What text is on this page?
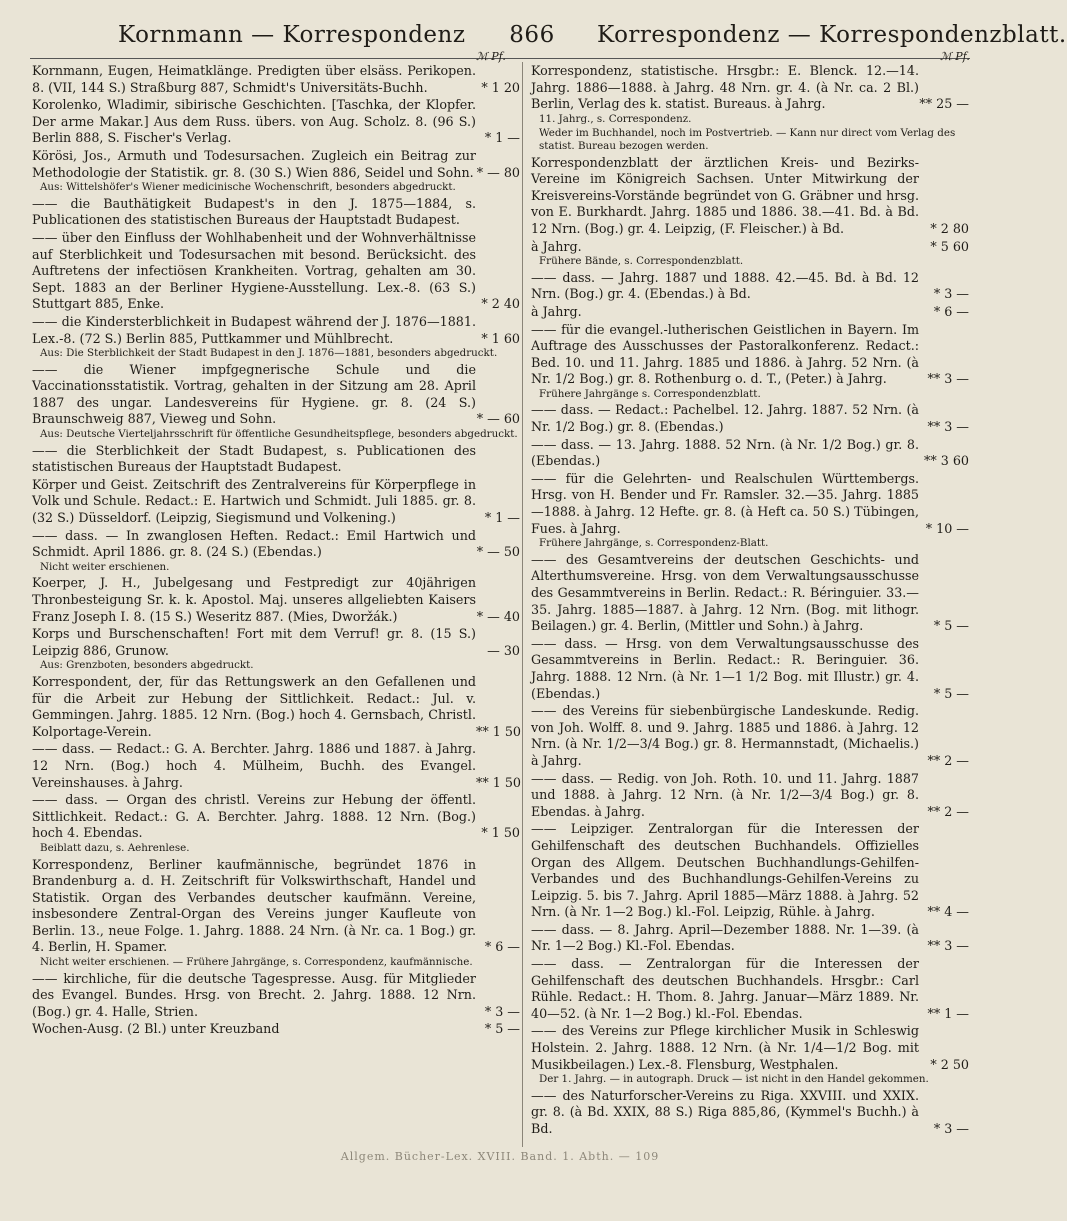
Kornmann — Korrespondenz	866	Korrespondenz — Korrespondenzblatt.
ℳ Pf.	ℳ Pf.
Kornmann, Eugen, Heimatklänge. Predigten über elsäss. Perikopen. 8. (VII, 144 S.) Straßburg 887, Schmidt's Universitäts-Buchh.	* 1 20
Korolenko, Wladimir, sibirische Geschichten. [Taschka, der Klopfer. Der arme Makar.] Aus dem Russ. übers. von Aug. Scholz. 8. (96 S.) Berlin 888, S. Fischer's Verlag.	* 1 —
Körösi, Jos., Armuth und Todesursachen. Zugleich ein Beitrag zur Methodologie der Statistik. gr. 8. (30 S.) Wien 886, Seidel und Sohn. * — 80
Aus: Wittelshöfer's Wiener medicinische Wochenschrift, besonders abgedruckt.
—— die Bauthätigkeit Budapest's in den J. 1875—1884, s. Publicationen des statistischen Bureaus der Hauptstadt Budapest.
—— über den Einfluss der Wohlhabenheit und der Wohnverhältnisse auf Sterblichkeit und Todesursachen mit besond. Berücksicht. des Auftretens der infectiösen Krankheiten. Vortrag, gehalten am 30. Sept. 1883 an der Berliner Hygiene-Ausstellung. Lex.-8. (63 S.) Stuttgart 885, Enke.	* 2 40
—— die Kindersterblichkeit in Budapest während der J. 1876—1881. Lex.-8. (72 S.) Berlin 885, Puttkammer und Mühlbrecht.	* 1 60
Aus: Die Sterblichkeit der Stadt Budapest in den J. 1876—1881, besonders abgedruckt.
—— die Wiener impfgegnerische Schule und die Vaccinationsstatistik. Vortrag, gehalten in der Sitzung am 28. April 1887 des ungar. Landesvereins für Hygiene. gr. 8. (24 S.) Braunschweig 887, Vieweg und Sohn.	* — 60
Aus: Deutsche Vierteljahrsschrift für öffentliche Gesundheitspflege, besonders abgedruckt.
—— die Sterblichkeit der Stadt Budapest, s. Publicationen des statistischen Bureaus der Hauptstadt Budapest.
Körper und Geist. Zeitschrift des Zentralvereins für Körperpflege in Volk und Schule. Redact.: E. Hartwich und Schmidt. Juli 1885. gr. 8. (32 S.) Düsseldorf. (Leipzig, Siegismund und Volkening.)	* 1 —
—— dass. — In zwanglosen Heften. Redact.: Emil Hartwich und Schmidt. April 1886. gr. 8. (24 S.) (Ebendas.)	* — 50
Nicht weiter erschienen.
Koerper, J. H., Jubelgesang und Festpredigt zur 40jährigen Thronbesteigung Sr. k. k. Apostol. Maj. unseres allgeliebten Kaisers Franz Joseph I. 8. (15 S.) Weseritz 887. (Mies, Dworžák.)	* — 40
Korps und Burschenschaften! Fort mit dem Verruf! gr. 8. (15 S.) Leipzig 886, Grunow.	— 30
Aus: Grenzboten, besonders abgedruckt.
Korrespondent, der, für das Rettungswerk an den Gefallenen und für die Arbeit zur Hebung der Sittlichkeit. Redact.: Jul. v. Gemmingen. Jahrg. 1885. 12 Nrn. (Bog.) hoch 4. Gernsbach, Christl. Kolportage-Verein.	** 1 50
—— dass. — Redact.: G. A. Berchter. Jahrg. 1886 und 1887. à Jahrg. 12 Nrn. (Bog.) hoch 4. Mülheim, Buchh. des Evangel. Vereinshauses. à Jahrg.	** 1 50
—— dass. — Organ des christl. Vereins zur Hebung der öffentl. Sittlichkeit. Redact.: G. A. Berchter. Jahrg. 1888. 12 Nrn. (Bog.) hoch 4. Ebendas.	* 1 50
Beiblatt dazu, s. Aehrenlese.
Korrespondenz, Berliner kaufmännische, begründet 1876 in Brandenburg a. d. H. Zeitschrift für Volkswirthschaft, Handel und Statistik. Organ des Verbandes deutscher kaufmänn. Vereine, insbesondere Zentral-Organ des Vereins junger Kaufleute von Berlin. 13., neue Folge. 1. Jahrg. 1888. 24 Nrn. (à Nr. ca. 1 Bog.) gr. 4. Berlin, H. Spamer.	* 6 —
Nicht weiter erschienen. — Frühere Jahrgänge, s. Correspondenz, kaufmännische.
—— kirchliche, für die deutsche Tagespresse. Ausg. für Mitglieder des Evangel. Bundes. Hrsg. von Brecht. 2. Jahrg. 1888. 12 Nrn. (Bog.) gr. 4. Halle, Strien.	* 3 —
Wochen-Ausg. (2 Bl.) unter Kreuzband	* 5 —
Korrespondenz, statistische. Hrsgbr.: E. Blenck. 12.—14. Jahrg. 1886—1888. à Jahrg. 48 Nrn. gr. 4. (à Nr. ca. 2 Bl.) Berlin, Verlag des k. statist. Bureaus. à Jahrg.	** 25 —
11. Jahrg., s. Correspondenz.
Weder im Buchhandel, noch im Postvertrieb. — Kann nur direct vom Verlag des statist. Bureau bezogen werden.
Korrespondenzblatt der ärztlichen Kreis- und Bezirks-Vereine im Königreich Sachsen. Unter Mitwirkung der Kreisvereins-Vorstände begründet von G. Gräbner und hrsg. von E. Burkhardt. Jahrg. 1885 und 1886. 38.—41. Bd. à Bd. 12 Nrn. (Bog.) gr. 4. Leipzig, (F. Fleischer.) à Bd.	* 2 80
à Jahrg.	* 5 60
Frühere Bände, s. Correspondenzblatt.
—— dass. — Jahrg. 1887 und 1888. 42.—45. Bd. à Bd. 12 Nrn. (Bog.) gr. 4. (Ebendas.) à Bd.	* 3 —
à Jahrg.	* 6 —
—— für die evangel.-lutherischen Geistlichen in Bayern. Im Auftrage des Ausschusses der Pastoralkonferenz. Redact.: Bed. 10. und 11. Jahrg. 1885 und 1886. à Jahrg. 52 Nrn. (à Nr. 1/2 Bog.) gr. 8. Rothenburg o. d. T., (Peter.) à Jahrg.	** 3 —
Frühere Jahrgänge s. Correspondenzblatt.
—— dass. — Redact.: Pachelbel. 12. Jahrg. 1887. 52 Nrn. (à Nr. 1/2 Bog.) gr. 8. (Ebendas.)	** 3 —
—— dass. — 13. Jahrg. 1888. 52 Nrn. (à Nr. 1/2 Bog.) gr. 8. (Ebendas.)	** 3 60
—— für die Gelehrten- und Realschulen Württembergs. Hrsg. von H. Bender und Fr. Ramsler. 32.—35. Jahrg. 1885—1888. à Jahrg. 12 Hefte. gr. 8. (à Heft ca. 50 S.) Tübingen, Fues. à Jahrg.	* 10 —
Frühere Jahrgänge, s. Correspondenz-Blatt.
—— des Gesamtvereins der deutschen Geschichts- und Alterthumsvereine. Hrsg. von dem Verwaltungsausschusse des Gesammtvereins in Berlin. Redact.: R. Béringuier. 33.—35. Jahrg. 1885—1887. à Jahrg. 12 Nrn. (Bog. mit lithogr. Beilagen.) gr. 4. Berlin, (Mittler und Sohn.) à Jahrg.	* 5 —
—— dass. — Hrsg. von dem Verwaltungsausschusse des Gesammtvereins in Berlin. Redact.: R. Beringuier. 36. Jahrg. 1888. 12 Nrn. (à Nr. 1—1 1/2 Bog. mit Illustr.) gr. 4. (Ebendas.)	* 5 —
—— des Vereins für siebenbürgische Landeskunde. Redig. von Joh. Wolff. 8. und 9. Jahrg. 1885 und 1886. à Jahrg. 12 Nrn. (à Nr. 1/2—3/4 Bog.) gr. 8. Hermannstadt, (Michaelis.) à Jahrg.	** 2 —
—— dass. — Redig. von Joh. Roth. 10. und 11. Jahrg. 1887 und 1888. à Jahrg. 12 Nrn. (à Nr. 1/2—3/4 Bog.) gr. 8. Ebendas. à Jahrg.	** 2 —
—— Leipziger. Zentralorgan für die Interessen der Gehilfenschaft des deutschen Buchhandels. Offizielles Organ des Allgem. Deutschen Buchhandlungs-Gehilfen-Verbandes und des Buchhandlungs-Gehilfen-Vereins zu Leipzig. 5. bis 7. Jahrg. April 1885—März 1888. à Jahrg. 52 Nrn. (à Nr. 1—2 Bog.) kl.-Fol. Leipzig, Rühle. à Jahrg.	** 4 —
—— dass. — 8. Jahrg. April—Dezember 1888. Nr. 1—39. (à Nr. 1—2 Bog.) Kl.-Fol. Ebendas.	** 3 —
—— dass. — Zentralorgan für die Interessen der Gehilfenschaft des deutschen Buchhandels. Hrsgbr.: Carl Rühle. Redact.: H. Thom. 8. Jahrg. Januar—März 1889. Nr. 40—52. (à Nr. 1—2 Bog.) kl.-Fol. Ebendas.	** 1 —
—— des Vereins zur Pflege kirchlicher Musik in Schleswig Holstein. 2. Jahrg. 1888. 12 Nrn. (à Nr. 1/4—1/2 Bog. mit Musikbeilagen.) Lex.-8. Flensburg, Westphalen.	* 2 50
Der 1. Jahrg. — in autograph. Druck — ist nicht in den Handel gekommen.
—— des Naturforscher-Vereins zu Riga. XXVIII. und XXIX. gr. 8. (à Bd. XXIX, 88 S.) Riga 885,86, (Kymmel's Buchh.) à Bd.	* 3 —
Allgem. Bücher-Lex. XVIII. Band. 1. Abth. — 109
